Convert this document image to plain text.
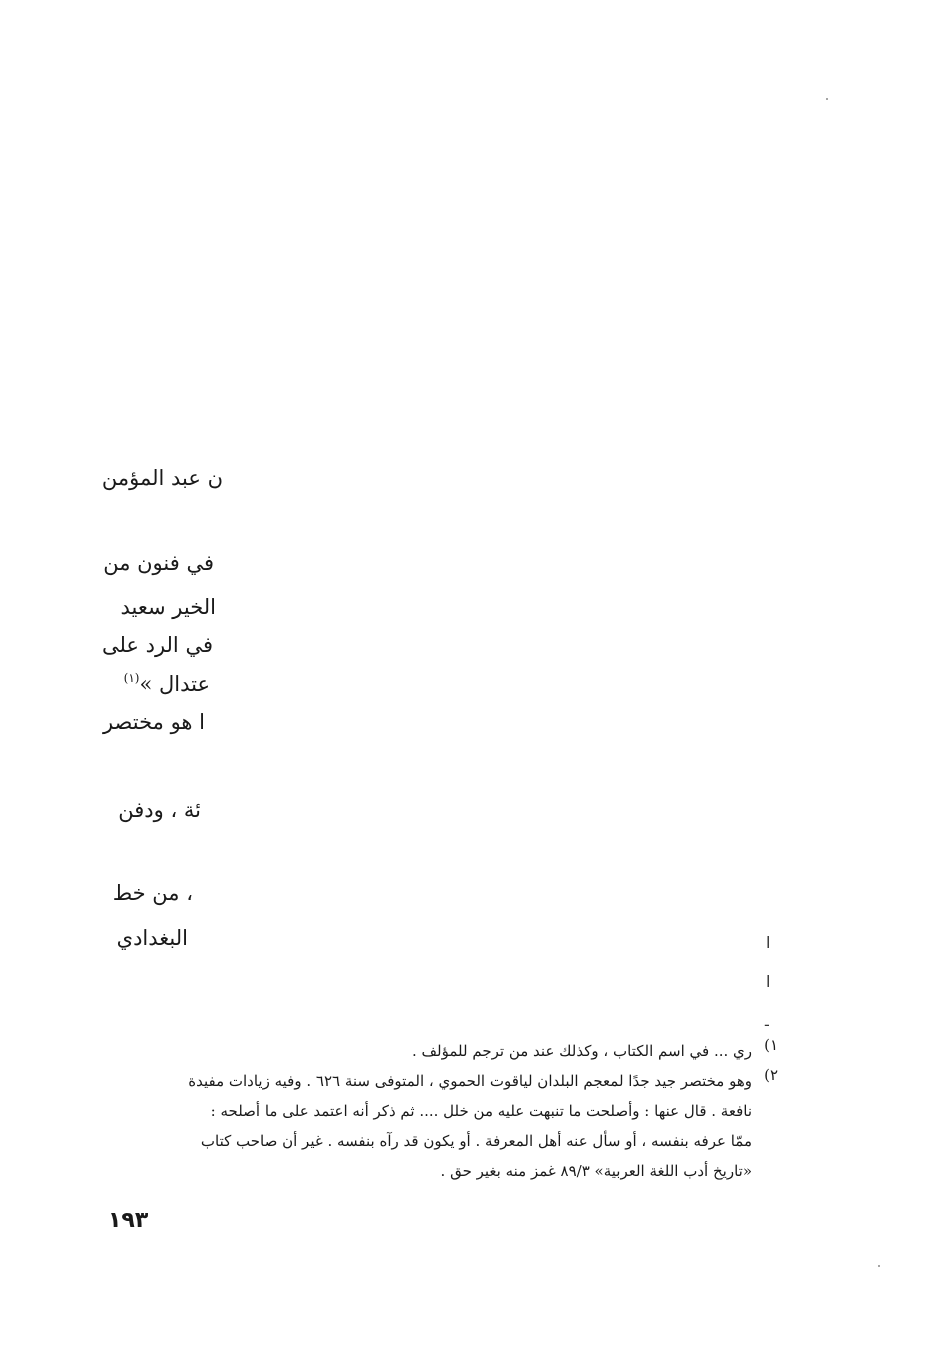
ن عبد المؤمن
في فنون من
الخير سعيد
في الرد على
عتدال »$^{(١)}$
ا هو مختصر
ئة ، ودفن
، من خط
البغدادي	ا
ا
-
١)

ري ... في اسم الكتاب ، وكذلك عند من ترجم للمؤلف .

٢)

وهو مختصر جيد جدًا لمعجم البلدان لياقوت الحموي ، المتوفى سنة ٦٢٦ . وفيه زيادات مفيدة

نافعة . قال عنها : وأصلحت ما تنبهت عليه من خلل .... ثم ذكر أنه اعتمد على ما أصلحه :

ممّا عرفه بنفسه ، أو سأل عنه أهل المعرفة . أو يكون قد رآه بنفسه . غير أن صاحب كتاب

«تاريخ أدب اللغة العربية» ٨٩/٣ غمز منه بغير حق .

١٩٣
